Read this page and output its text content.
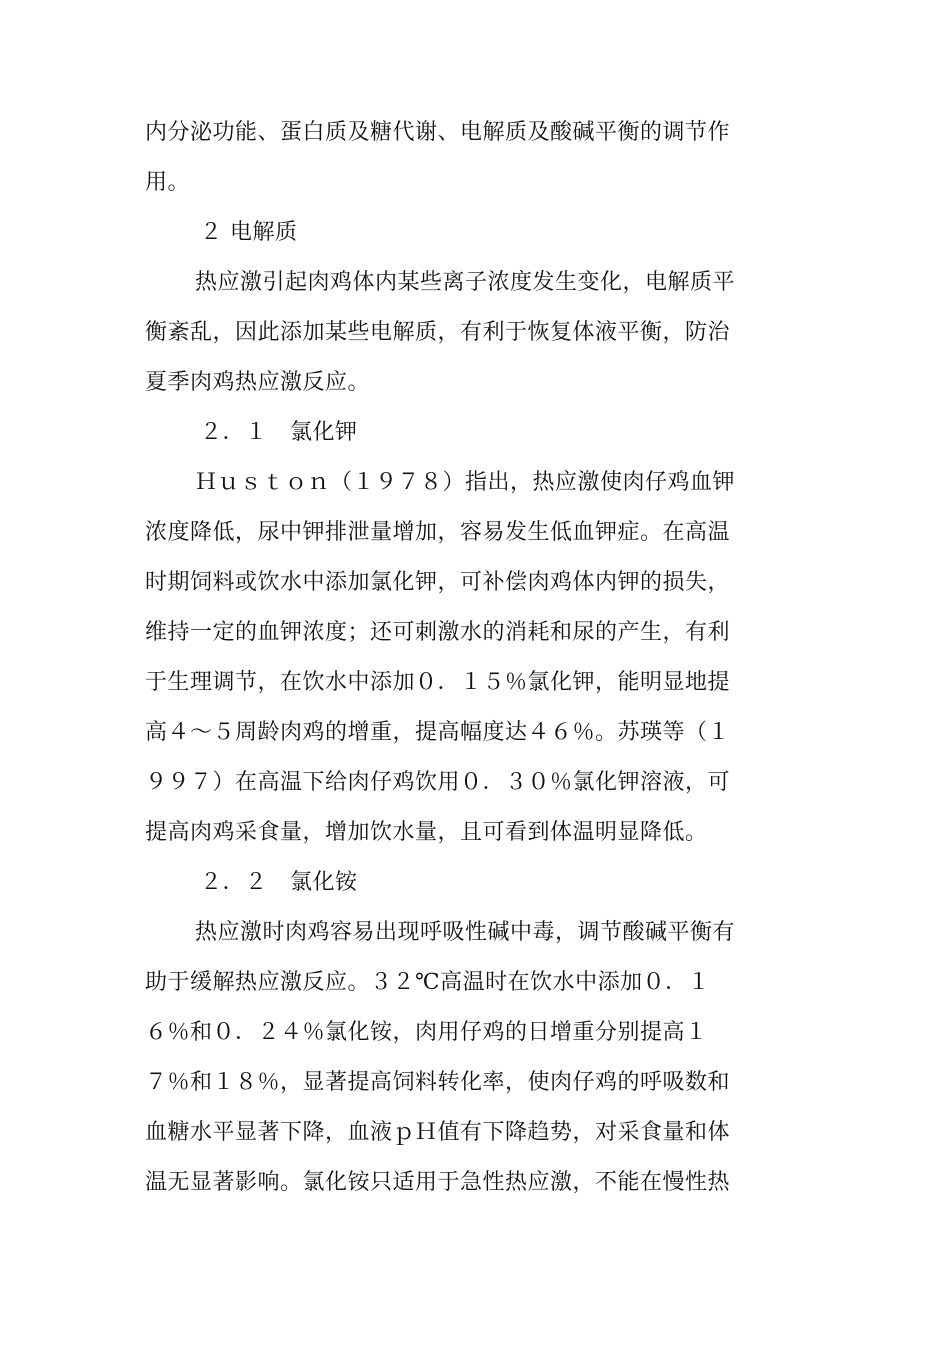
内分泌功能、蛋白质及糖代谢、电解质及酸碱平衡的调节作
用。
２ 电解质
热应激引起肉鸡体内某些离子浓度发生变化，电解质平
衡紊乱，因此添加某些电解质，有利于恢复体液平衡，防治
夏季肉鸡热应激反应。
２．１　氯化钾
Ｈｕｓｔｏｎ（１９７８）指出，热应激使肉仔鸡血钾
浓度降低，尿中钾排泄量增加，容易发生低血钾症。在高温
时期饲料或饮水中添加氯化钾，可补偿肉鸡体内钾的损失，
维持一定的血钾浓度；还可刺激水的消耗和尿的产生，有利
于生理调节，在饮水中添加０．１５％氯化钾，能明显地提
高４～５周龄肉鸡的增重，提高幅度达４６％。苏瑛等（１
９９７）在高温下给肉仔鸡饮用０．３０％氯化钾溶液，可
提高肉鸡采食量，增加饮水量，且可看到体温明显降低。
２．２　氯化铵
热应激时肉鸡容易出现呼吸性碱中毒，调节酸碱平衡有
助于缓解热应激反应。３２℃高温时在饮水中添加０．１
６％和０．２４％氯化铵，肉用仔鸡的日增重分别提高１
７％和１８％，显著提高饲料转化率，使肉仔鸡的呼吸数和
血糖水平显著下降，血液ｐＨ值有下降趋势，对采食量和体
温无显著影响。氯化铵只适用于急性热应激，不能在慢性热
